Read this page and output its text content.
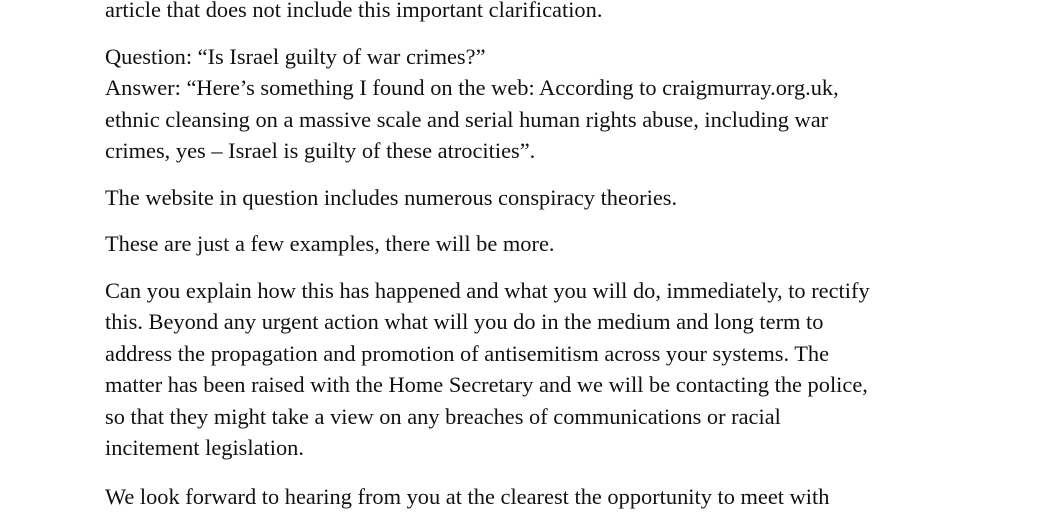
article that does not include this important clarification.

Question: “Is Israel guilty of war crimes?”
Answer: “Here’s something I found on the web: According to craigmurray.org.uk,
ethnic cleansing on a massive scale and serial human rights abuse, including war
crimes, yes – Israel is guilty of these atrocities”.

The website in question includes numerous conspiracy theories.

These are just a few examples, there will be more.

Can you explain how this has happened and what you will do, immediately, to rectify
this. Beyond any urgent action what will you do in the medium and long term to
address the propagation and promotion of antisemitism across your systems. The
matter has been raised with the Home Secretary and we will be contacting the police,
so that they might take a view on any breaches of communications or racial
incitement legislation.

We look forward to hearing from you at the clearest the opportunity to meet with
